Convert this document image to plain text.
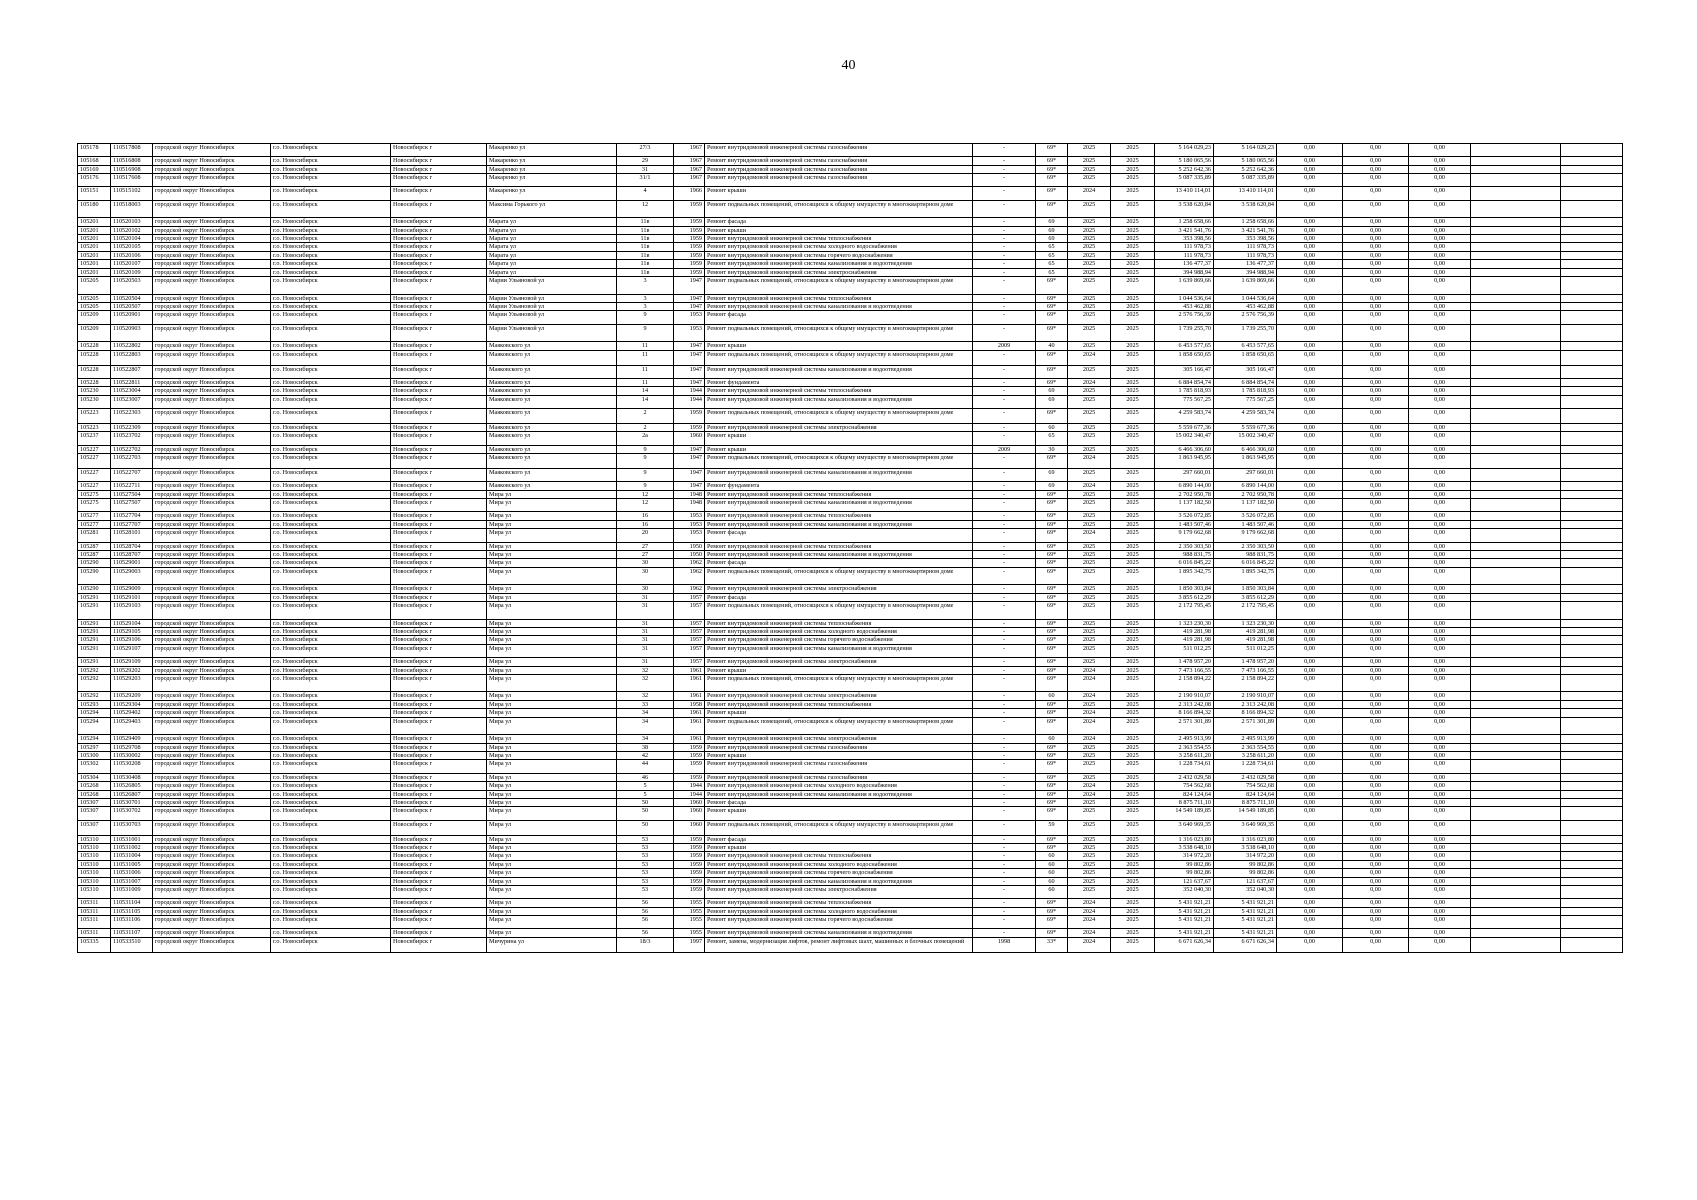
40
105178	110517808	городской округ Новосибирск	г.о. Новосибирск	Новосибирск г	Макаренко ул	27/3	1967	Ремонт внутридомовой инженерной системы газоснабжения	-	69*	2025	2025	5 164 029,23	5 164 029,23	0,00	0,00	0,00		
105168	110516808	городской округ Новосибирск	г.о. Новосибирск	Новосибирск г	Макаренко ул	29	1967	Ремонт внутридомовой инженерной системы газоснабжения	-	69*	2025	2025	5 180 065,56	5 180 065,56	0,00	0,00	0,00		
105169	110516908	городской округ Новосибирск	г.о. Новосибирск	Новосибирск г	Макаренко ул	31	1967	Ремонт внутридомовой инженерной системы газоснабжения	-	69*	2025	2025	5 252 642,36	5 252 642,36	0,00	0,00	0,00		
105176	110517608	городской округ Новосибирск	г.о. Новосибирск	Новосибирск г	Макаренко ул	31/1	1967	Ремонт внутридомовой инженерной системы газоснабжения	-	69*	2025	2025	5 087 335,89	5 087 335,89	0,00	0,00	0,00		
105151	110515102	городской округ Новосибирск	г.о. Новосибирск	Новосибирск г	Макаренко ул	4	1966	Ремонт крыши	-	69*	2024	2025	13 410 114,01	13 410 114,01	0,00	0,00	0,00		
105180	110518003	городской округ Новосибирск	г.о. Новосибирск	Новосибирск г	Максима Горького ул	12	1959	Ремонт подвальных помещений, относящихся к общему имуществу в многоквартирном доме	-	69*	2025	2025	3 538 620,84	3 538 620,84	0,00	0,00	0,00		
105201	110520103	городской округ Новосибирск	г.о. Новосибирск	Новосибирск г	Марата ул	11в	1959	Ремонт фасада	-	69	2025	2025	1 258 658,66	1 258 658,66	0,00	0,00	0,00		
105201	110520102	городской округ Новосибирск	г.о. Новосибирск	Новосибирск г	Марата ул	11в	1959	Ремонт крыши	-	69	2025	2025	3 421 541,76	3 421 541,76	0,00	0,00	0,00		
105201	110520104	городской округ Новосибирск	г.о. Новосибирск	Новосибирск г	Марата ул	11в	1959	Ремонт внутридомовой инженерной системы теплоснабжения	-	69	2025	2025	353 398,56	353 398,56	0,00	0,00	0,00		
105201	110520105	городской округ Новосибирск	г.о. Новосибирск	Новосибирск г	Марата ул	11в	1959	Ремонт внутридомовой инженерной системы холодного водоснабжения	-	65	2025	2025	111 978,73	111 978,73	0,00	0,00	0,00		
105201	110520106	городской округ Новосибирск	г.о. Новосибирск	Новосибирск г	Марата ул	11в	1959	Ремонт внутридомовой инженерной системы горячего водоснабжения	-	65	2025	2025	111 978,73	111 978,73	0,00	0,00	0,00		
105201	110520107	городской округ Новосибирск	г.о. Новосибирск	Новосибирск г	Марата ул	11в	1959	Ремонт внутридомовой инженерной системы канализования и водоотведения	-	65	2025	2025	136 477,37	136 477,37	0,00	0,00	0,00		
105201	110520109	городской округ Новосибирск	г.о. Новосибирск	Новосибирск г	Марата ул	11в	1959	Ремонт внутридомовой инженерной системы электроснабжения	-	65	2025	2025	394 988,94	394 988,94	0,00	0,00	0,00		
105205	110520503	городской округ Новосибирск	г.о. Новосибирск	Новосибирск г	Марии Ульяновой ул	3	1947	Ремонт подвальных помещений, относящихся к общему имуществу в многоквартирном доме	-	69*	2025	2025	1 639 869,66	1 639 869,66	0,00	0,00	0,00		
105205	110520504	городской округ Новосибирск	г.о. Новосибирск	Новосибирск г	Марии Ульяновой ул	3	1947	Ремонт внутридомовой инженерной системы теплоснабжения	-	69*	2025	2025	1 044 536,64	1 044 536,64	0,00	0,00	0,00		
105205	110520507	городской округ Новосибирск	г.о. Новосибирск	Новосибирск г	Марии Ульяновой ул	3	1947	Ремонт внутридомовой инженерной системы канализования и водоотведения	-	69*	2025	2025	453 462,88	453 462,88	0,00	0,00	0,00		
105209	110520901	городской округ Новосибирск	г.о. Новосибирск	Новосибирск г	Марии Ульяновой ул	9	1953	Ремонт фасада	-	69*	2025	2025	2 576 756,39	2 576 756,39	0,00	0,00	0,00		
105209	110520903	городской округ Новосибирск	г.о. Новосибирск	Новосибирск г	Марии Ульяновой ул	9	1953	Ремонт подвальных помещений, относящихся к общему имуществу в многоквартирном доме	-	69*	2025	2025	1 739 255,70	1 739 255,70	0,00	0,00	0,00		
105228	110522802	городской округ Новосибирск	г.о. Новосибирск	Новосибирск г	Маяковского ул	11	1947	Ремонт крыши	2009	40	2025	2025	6 453 577,65	6 453 577,65	0,00	0,00	0,00		
105228	110522803	городской округ Новосибирск	г.о. Новосибирск	Новосибирск г	Маяковского ул	11	1947	Ремонт подвальных помещений, относящихся к общему имуществу в многоквартирном доме	-	69*	2024	2025	1 858 650,65	1 858 650,65	0,00	0,00	0,00		
105228	110522807	городской округ Новосибирск	г.о. Новосибирск	Новосибирск г	Маяковского ул	11	1947	Ремонт внутридомовой инженерной системы канализования и водоотведения	-	69*	2025	2025	305 166,47	305 166,47	0,00	0,00	0,00		
105228	110522811	городской округ Новосибирск	г.о. Новосибирск	Новосибирск г	Маяковского ул	11	1947	Ремонт фундамента	-	69*	2024	2025	6 884 854,74	6 884 854,74	0,00	0,00	0,00		
105230	110523004	городской округ Новосибирск	г.о. Новосибирск	Новосибирск г	Маяковского ул	14	1944	Ремонт внутридомовой инженерной системы теплоснабжения	-	69	2025	2025	1 785 818,93	1 785 818,93	0,00	0,00	0,00		
105230	110523007	городской округ Новосибирск	г.о. Новосибирск	Новосибирск г	Маяковского ул	14	1944	Ремонт внутридомовой инженерной системы канализования и водоотведения	-	69	2025	2025	775 567,25	775 567,25	0,00	0,00	0,00		
105223	110522303	городской округ Новосибирск	г.о. Новосибирск	Новосибирск г	Маяковского ул	2	1959	Ремонт подвальных помещений, относящихся к общему имуществу в многоквартирном доме	-	69*	2025	2025	4 259 583,74	4 259 583,74	0,00	0,00	0,00		
105223	110522309	городской округ Новосибирск	г.о. Новосибирск	Новосибирск г	Маяковского ул	2	1959	Ремонт внутридомовой инженерной системы электроснабжения	-	60	2025	2025	5 559 677,36	5 559 677,36	0,00	0,00	0,00		
105237	110523702	городской округ Новосибирск	г.о. Новосибирск	Новосибирск г	Маяковского ул	2а	1960	Ремонт крыши	-	65	2025	2025	15 002 340,47	15 002 340,47	0,00	0,00	0,00		
105227	110522702	городской округ Новосибирск	г.о. Новосибирск	Новосибирск г	Маяковского ул	9	1947	Ремонт крыши	2009	30	2025	2025	6 466 306,60	6 466 306,60	0,00	0,00	0,00		
105227	110522703	городской округ Новосибирск	г.о. Новосибирск	Новосибирск г	Маяковского ул	9	1947	Ремонт подвальных помещений, относящихся к общему имуществу в многоквартирном доме	-	69*	2024	2025	1 863 945,95	1 863 945,95	0,00	0,00	0,00		
105227	110522707	городской округ Новосибирск	г.о. Новосибирск	Новосибирск г	Маяковского ул	9	1947	Ремонт внутридомовой инженерной системы канализования и водоотведения	-	69	2025	2025	297 660,01	297 660,01	0,00	0,00	0,00		
105227	110522711	городской округ Новосибирск	г.о. Новосибирск	Новосибирск г	Маяковского ул	9	1947	Ремонт фундамента	-	69	2024	2025	6 890 144,00	6 890 144,00	0,00	0,00	0,00		
105275	110527504	городской округ Новосибирск	г.о. Новосибирск	Новосибирск г	Мира ул	12	1948	Ремонт внутридомовой инженерной системы теплоснабжения	-	69*	2025	2025	2 702 950,78	2 702 950,78	0,00	0,00	0,00		
105275	110527507	городской округ Новосибирск	г.о. Новосибирск	Новосибирск г	Мира ул	12	1948	Ремонт внутридомовой инженерной системы канализования и водоотведения	-	69*	2025	2025	1 137 182,50	1 137 182,50	0,00	0,00	0,00		
105277	110527704	городской округ Новосибирск	г.о. Новосибирск	Новосибирск г	Мира ул	16	1953	Ремонт внутридомовой инженерной системы теплоснабжения	-	69*	2025	2025	3 526 072,85	3 526 072,85	0,00	0,00	0,00		
105277	110527707	городской округ Новосибирск	г.о. Новосибирск	Новосибирск г	Мира ул	16	1953	Ремонт внутридомовой инженерной системы канализования и водоотведения	-	69*	2025	2025	1 483 507,46	1 483 507,46	0,00	0,00	0,00		
105281	110528101	городской округ Новосибирск	г.о. Новосибирск	Новосибирск г	Мира ул	20	1953	Ремонт фасада	-	69*	2024	2025	9 179 662,68	9 179 662,68	0,00	0,00	0,00		
105287	110528704	городской округ Новосибирск	г.о. Новосибирск	Новосибирск г	Мира ул	27	1950	Ремонт внутридомовой инженерной системы теплоснабжения	-	69*	2025	2025	2 350 303,50	2 350 303,50	0,00	0,00	0,00		
105287	110528707	городской округ Новосибирск	г.о. Новосибирск	Новосибирск г	Мира ул	27	1950	Ремонт внутридомовой инженерной системы канализования и водоотведения	-	69*	2025	2025	988 831,75	988 831,75	0,00	0,00	0,00		
105290	110529001	городской округ Новосибирск	г.о. Новосибирск	Новосибирск г	Мира ул	30	1962	Ремонт фасада	-	69*	2025	2025	6 016 845,22	6 016 845,22	0,00	0,00	0,00		
105290	110529003	городской округ Новосибирск	г.о. Новосибирск	Новосибирск г	Мира ул	30	1962	Ремонт подвальных помещений, относящихся к общему имуществу в многоквартирном доме	-	69*	2025	2025	1 895 342,75	1 895 342,75	0,00	0,00	0,00		
105290	110529009	городской округ Новосибирск	г.о. Новосибирск	Новосибирск г	Мира ул	30	1962	Ремонт внутридомовой инженерной системы электроснабжения	-	69*	2025	2025	1 850 303,84	1 850 303,84	0,00	0,00	0,00		
105291	110529101	городской округ Новосибирск	г.о. Новосибирск	Новосибирск г	Мира ул	31	1957	Ремонт фасада	-	69*	2025	2025	3 855 612,29	3 855 612,29	0,00	0,00	0,00		
105291	110529103	городской округ Новосибирск	г.о. Новосибирск	Новосибирск г	Мира ул	31	1957	Ремонт подвальных помещений, относящихся к общему имуществу в многоквартирном доме	-	69*	2025	2025	2 172 795,45	2 172 795,45	0,00	0,00	0,00		
105291	110529104	городской округ Новосибирск	г.о. Новосибирск	Новосибирск г	Мира ул	31	1957	Ремонт внутридомовой инженерной системы теплоснабжения	-	69*	2025	2025	1 323 230,30	1 323 230,30	0,00	0,00	0,00		
105291	110529105	городской округ Новосибирск	г.о. Новосибирск	Новосибирск г	Мира ул	31	1957	Ремонт внутридомовой инженерной системы холодного водоснабжения	-	69*	2025	2025	419 281,98	419 281,98	0,00	0,00	0,00		
105291	110529106	городской округ Новосибирск	г.о. Новосибирск	Новосибирск г	Мира ул	31	1957	Ремонт внутридомовой инженерной системы горячего водоснабжения	-	69*	2025	2025	419 281,98	419 281,98	0,00	0,00	0,00		
105291	110529107	городской округ Новосибирск	г.о. Новосибирск	Новосибирск г	Мира ул	31	1957	Ремонт внутридомовой инженерной системы канализования и водоотведения	-	69*	2025	2025	511 012,25	511 012,25	0,00	0,00	0,00		
105291	110529109	городской округ Новосибирск	г.о. Новосибирск	Новосибирск г	Мира ул	31	1957	Ремонт внутридомовой инженерной системы электроснабжения	-	69*	2025	2025	1 478 957,20	1 478 957,20	0,00	0,00	0,00		
105292	110529202	городской округ Новосибирск	г.о. Новосибирск	Новосибирск г	Мира ул	32	1961	Ремонт крыши	-	69*	2024	2025	7 473 166,55	7 473 166,55	0,00	0,00	0,00		
105292	110529203	городской округ Новосибирск	г.о. Новосибирск	Новосибирск г	Мира ул	32	1961	Ремонт подвальных помещений, относящихся к общему имуществу в многоквартирном доме	-	69*	2024	2025	2 158 894,22	2 158 894,22	0,00	0,00	0,00		
105292	110529209	городской округ Новосибирск	г.о. Новосибирск	Новосибирск г	Мира ул	32	1961	Ремонт внутридомовой инженерной системы электроснабжения	-	60	2024	2025	2 190 910,07	2 190 910,07	0,00	0,00	0,00		
105293	110529304	городской округ Новосибирск	г.о. Новосибирск	Новосибирск г	Мира ул	33	1958	Ремонт внутридомовой инженерной системы теплоснабжения	-	69*	2025	2025	2 313 242,08	2 313 242,08	0,00	0,00	0,00		
105294	110529402	городской округ Новосибирск	г.о. Новосибирск	Новосибирск г	Мира ул	34	1961	Ремонт крыши	-	69*	2024	2025	8 166 894,32	8 166 894,32	0,00	0,00	0,00		
105294	110529403	городской округ Новосибирск	г.о. Новосибирск	Новосибирск г	Мира ул	34	1961	Ремонт подвальных помещений, относящихся к общему имуществу в многоквартирном доме	-	69*	2024	2025	2 571 301,89	2 571 301,89	0,00	0,00	0,00		
105294	110529409	городской округ Новосибирск	г.о. Новосибирск	Новосибирск г	Мира ул	34	1961	Ремонт внутридомовой инженерной системы электроснабжения	-	60	2024	2025	2 495 913,99	2 495 913,99	0,00	0,00	0,00		
105297	110529708	городской округ Новосибирск	г.о. Новосибирск	Новосибирск г	Мира ул	38	1959	Ремонт внутридомовой инженерной системы газоснабжения	-	69*	2025	2025	2 363 554,55	2 363 554,55	0,00	0,00	0,00		
105300	110530002	городской округ Новосибирск	г.о. Новосибирск	Новосибирск г	Мира ул	42	1959	Ремонт крыши	-	69*	2025	2025	3 258 611,20	3 258 611,20	0,00	0,00	0,00		
105302	110530208	городской округ Новосибирск	г.о. Новосибирск	Новосибирск г	Мира ул	44	1959	Ремонт внутридомовой инженерной системы газоснабжения	-	69*	2025	2025	1 228 734,61	1 228 734,61	0,00	0,00	0,00		
105304	110530408	городской округ Новосибирск	г.о. Новосибирск	Новосибирск г	Мира ул	46	1959	Ремонт внутридомовой инженерной системы газоснабжения	-	69*	2025	2025	2 432 029,58	2 432 029,58	0,00	0,00	0,00		
105268	110526805	городской округ Новосибирск	г.о. Новосибирск	Новосибирск г	Мира ул	5	1944	Ремонт внутридомовой инженерной системы холодного водоснабжения	-	69*	2024	2025	754 562,68	754 562,68	0,00	0,00	0,00		
105268	110526807	городской округ Новосибирск	г.о. Новосибирск	Новосибирск г	Мира ул	5	1944	Ремонт внутридомовой инженерной системы канализования и водоотведения	-	69*	2024	2025	824 124,64	824 124,64	0,00	0,00	0,00		
105307	110530701	городской округ Новосибирск	г.о. Новосибирск	Новосибирск г	Мира ул	50	1960	Ремонт фасада	-	69*	2025	2025	8 875 711,10	8 875 711,10	0,00	0,00	0,00		
105307	110530702	городской округ Новосибирск	г.о. Новосибирск	Новосибирск г	Мира ул	50	1960	Ремонт крыши	-	69*	2025	2025	14 549 189,85	14 549 189,85	0,00	0,00	0,00		
105307	110530703	городской округ Новосибирск	г.о. Новосибирск	Новосибирск г	Мира ул	50	1960	Ремонт подвальных помещений, относящихся к общему имуществу в многоквартирном доме	-	59	2025	2025	3 640 969,35	3 640 969,35	0,00	0,00	0,00		
105310	110531001	городской округ Новосибирск	г.о. Новосибирск	Новосибирск г	Мира ул	53	1959	Ремонт фасада	-	69*	2025	2025	1 316 023,80	1 316 023,80	0,00	0,00	0,00		
105310	110531002	городской округ Новосибирск	г.о. Новосибирск	Новосибирск г	Мира ул	53	1959	Ремонт крыши	-	69*	2025	2025	3 538 648,10	3 538 648,10	0,00	0,00	0,00		
105310	110531004	городской округ Новосибирск	г.о. Новосибирск	Новосибирск г	Мира ул	53	1959	Ремонт внутридомовой инженерной системы теплоснабжения	-	60	2025	2025	314 972,20	314 972,20	0,00	0,00	0,00		
105310	110531005	городской округ Новосибирск	г.о. Новосибирск	Новосибирск г	Мира ул	53	1959	Ремонт внутридомовой инженерной системы холодного водоснабжения	-	60	2025	2025	99 802,86	99 802,86	0,00	0,00	0,00		
105310	110531006	городской округ Новосибирск	г.о. Новосибирск	Новосибирск г	Мира ул	53	1959	Ремонт внутридомовой инженерной системы горячего водоснабжения	-	60	2025	2025	99 802,86	99 802,86	0,00	0,00	0,00		
105310	110531007	городской округ Новосибирск	г.о. Новосибирск	Новосибирск г	Мира ул	53	1959	Ремонт внутридомовой инженерной системы канализования и водоотведения	-	60	2025	2025	121 637,67	121 637,67	0,00	0,00	0,00		
105310	110531009	городской округ Новосибирск	г.о. Новосибирск	Новосибирск г	Мира ул	53	1959	Ремонт внутридомовой инженерной системы электроснабжения	-	60	2025	2025	352 040,30	352 040,30	0,00	0,00	0,00		
105311	110531104	городской округ Новосибирск	г.о. Новосибирск	Новосибирск г	Мира ул	56	1955	Ремонт внутридомовой инженерной системы теплоснабжения	-	69*	2024	2025	5 431 921,21	5 431 921,21	0,00	0,00	0,00		
105311	110531105	городской округ Новосибирск	г.о. Новосибирск	Новосибирск г	Мира ул	56	1955	Ремонт внутридомовой инженерной системы холодного водоснабжения	-	69*	2024	2025	5 431 921,21	5 431 921,21	0,00	0,00	0,00		
105311	110531106	городской округ Новосибирск	г.о. Новосибирск	Новосибирск г	Мира ул	56	1955	Ремонт внутридомовой инженерной системы горячего водоснабжения	-	69*	2024	2025	5 431 921,21	5 431 921,21	0,00	0,00	0,00		
105311	110531107	городской округ Новосибирск	г.о. Новосибирск	Новосибирск г	Мира ул	56	1955	Ремонт внутридомовой инженерной системы канализования и водоотведения	-	69*	2024	2025	5 431 921,21	5 431 921,21	0,00	0,00	0,00		
105335	110533510	городской округ Новосибирск	г.о. Новосибирск	Новосибирск г	Мичурина ул	18/3	1997	Ремонт, замена, модернизация лифтов, ремонт лифтовых шахт, машинных и блочных помещений	1998	33*	2024	2025	6 671 626,34	6 671 626,34	0,00	0,00	0,00		
